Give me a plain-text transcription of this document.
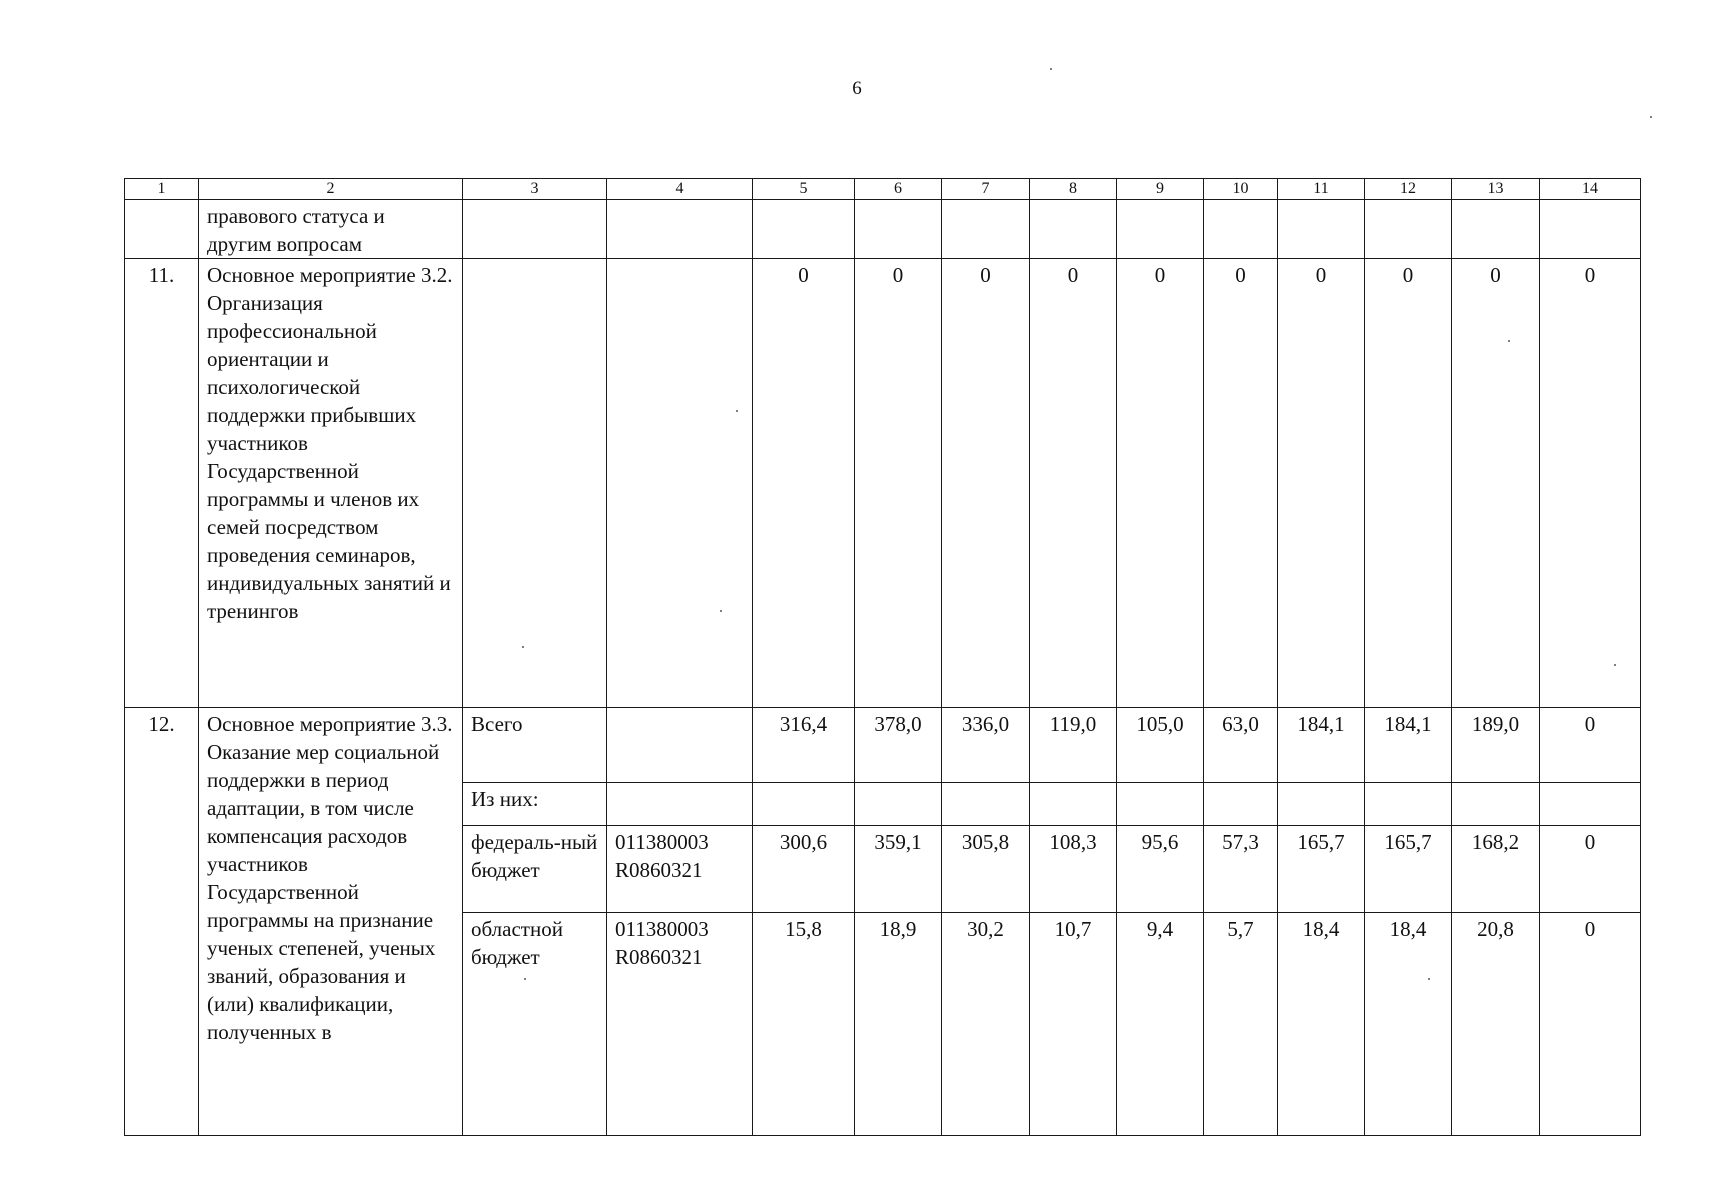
6
1	2	3	4	5	6	7	8	9	10	11	12	13	14
	правового статуса и другим вопросам												
11.	Основное мероприятие 3.2. Организация профессиональной ориентации и психологической поддержки прибывших участников Государственной программы и членов их семей посредством проведения семинаров, индивидуальных занятий и тренингов			0	0	0	0	0	0	0	0	0	0
12.	Основное мероприятие 3.3. Оказание мер социальной поддержки в период адаптации, в том числе компенсация расходов участников Государственной программы на признание ученых степеней, ученых званий, образования и (или) квалификации, полученных в	Всего		316,4	378,0	336,0	119,0	105,0	63,0	184,1	184,1	189,0	0
		Из них:											
		федераль-ный бюджет	011380003 R0860321	300,6	359,1	305,8	108,3	95,6	57,3	165,7	165,7	168,2	0
		областной бюджет	011380003 R0860321	15,8	18,9	30,2	10,7	9,4	5,7	18,4	18,4	20,8	0
